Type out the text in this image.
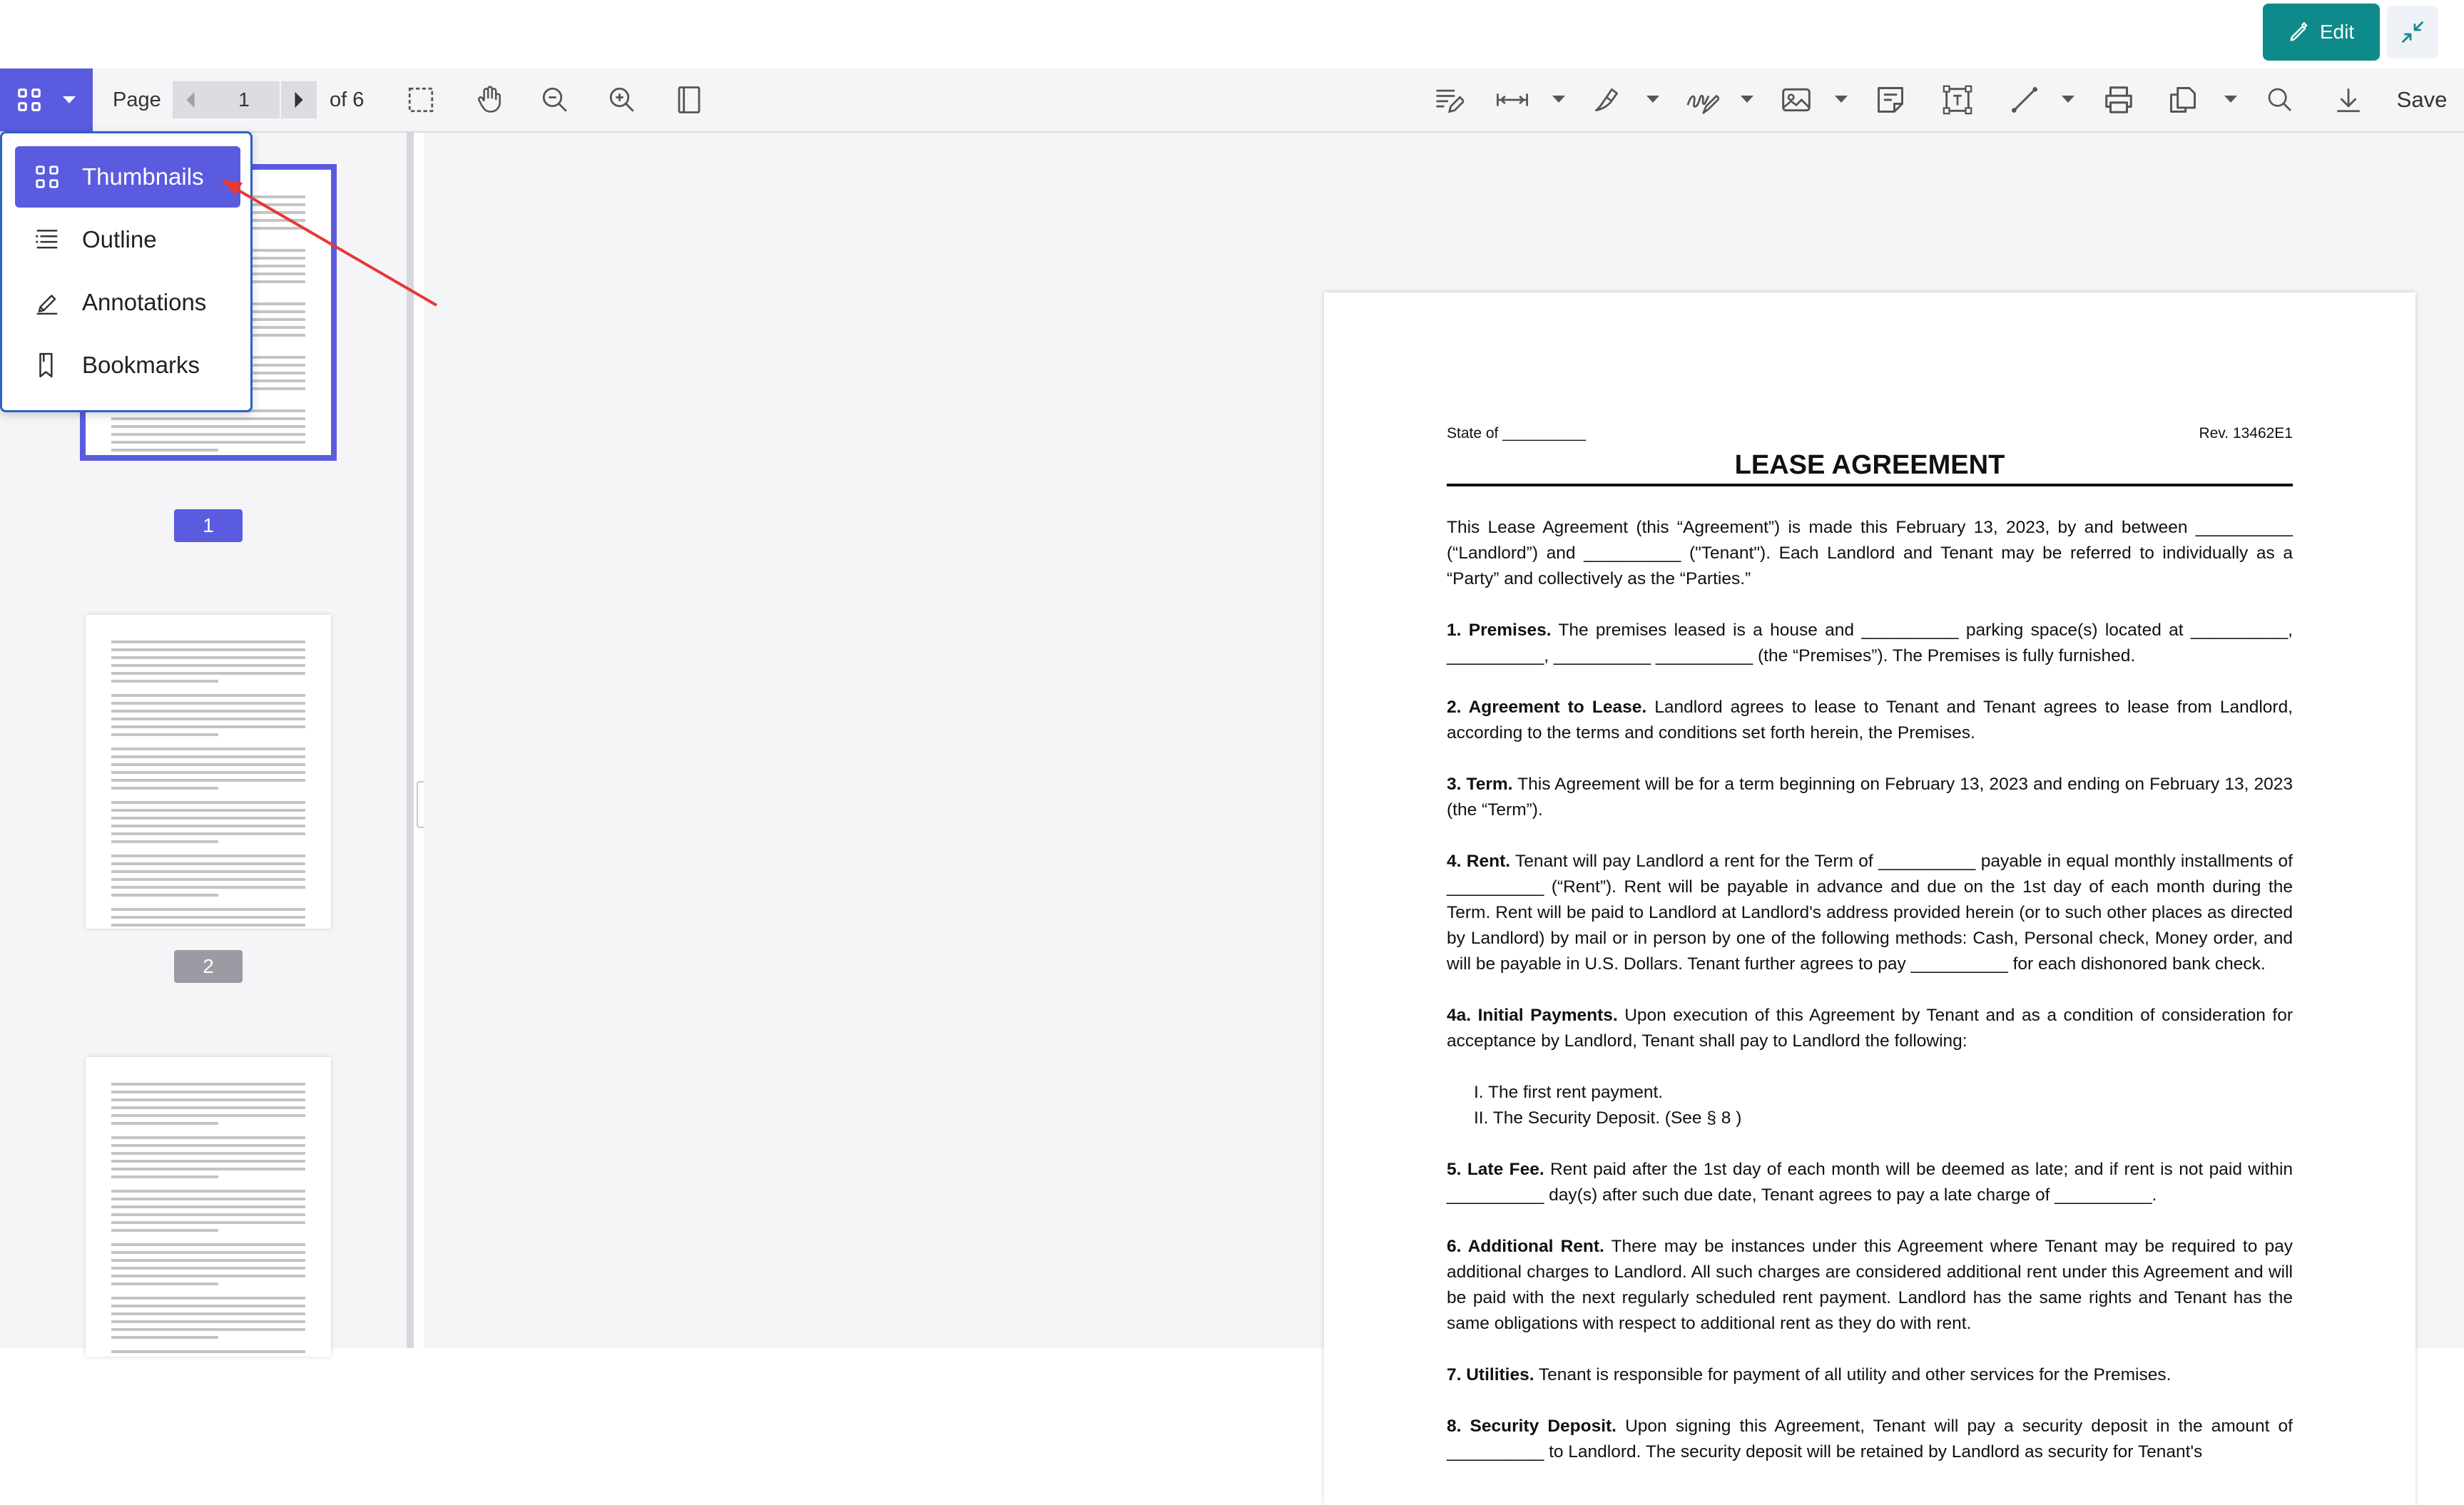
Edit
Page
1	of 6	Save
1
2
State of __________	Rev. 13462E1
LEASE AGREEMENT

This Lease Agreement (this “Agreement”) is made this February 13, 2023, by and between __________ (“Landlord”) and __________ ("Tenant"). Each Landlord and Tenant may be referred to individually as a “Party” and collectively as the “Parties.”

1. Premises. The premises leased is a house and __________ parking space(s) located at __________, __________, __________ __________ (the “Premises”). The Premises is fully furnished.

2. Agreement to Lease. Landlord agrees to lease to Tenant and Tenant agrees to lease from Landlord, according to the terms and conditions set forth herein, the Premises.

3. Term. This Agreement will be for a term beginning on February 13, 2023 and ending on February 13, 2023 (the “Term”).

4. Rent. Tenant will pay Landlord a rent for the Term of __________ payable in equal monthly installments of __________ (“Rent”). Rent will be payable in advance and due on the 1st day of each month during the Term. Rent will be paid to Landlord at Landlord's address provided herein (or to such other places as directed by Landlord) by mail or in person by one of the following methods: Cash, Personal check, Money order, and will be payable in U.S. Dollars. Tenant further agrees to pay __________ for each dishonored bank check.

4a. Initial Payments. Upon execution of this Agreement by Tenant and as a condition of consideration for acceptance by Landlord, Tenant shall pay to Landlord the following:

I. The first rent payment.
II. The Security Deposit. (See § 8 )

5. Late Fee. Rent paid after the 1st day of each month will be deemed as late; and if rent is not paid within __________ day(s) after such due date, Tenant agrees to pay a late charge of __________.

6. Additional Rent. There may be instances under this Agreement where Tenant may be required to pay additional charges to Landlord. All such charges are considered additional rent under this Agreement and will be paid with the next regularly scheduled rent payment. Landlord has the same rights and Tenant has the same obligations with respect to additional rent as they do with rent.

7. Utilities. Tenant is responsible for payment of all utility and other services for the Premises.

8. Security Deposit. Upon signing this Agreement, Tenant will pay a security deposit in the amount of __________ to Landlord. The security deposit will be retained by Landlord as security for Tenant's

Thumbnails
Outline
Annotations
Bookmarks
